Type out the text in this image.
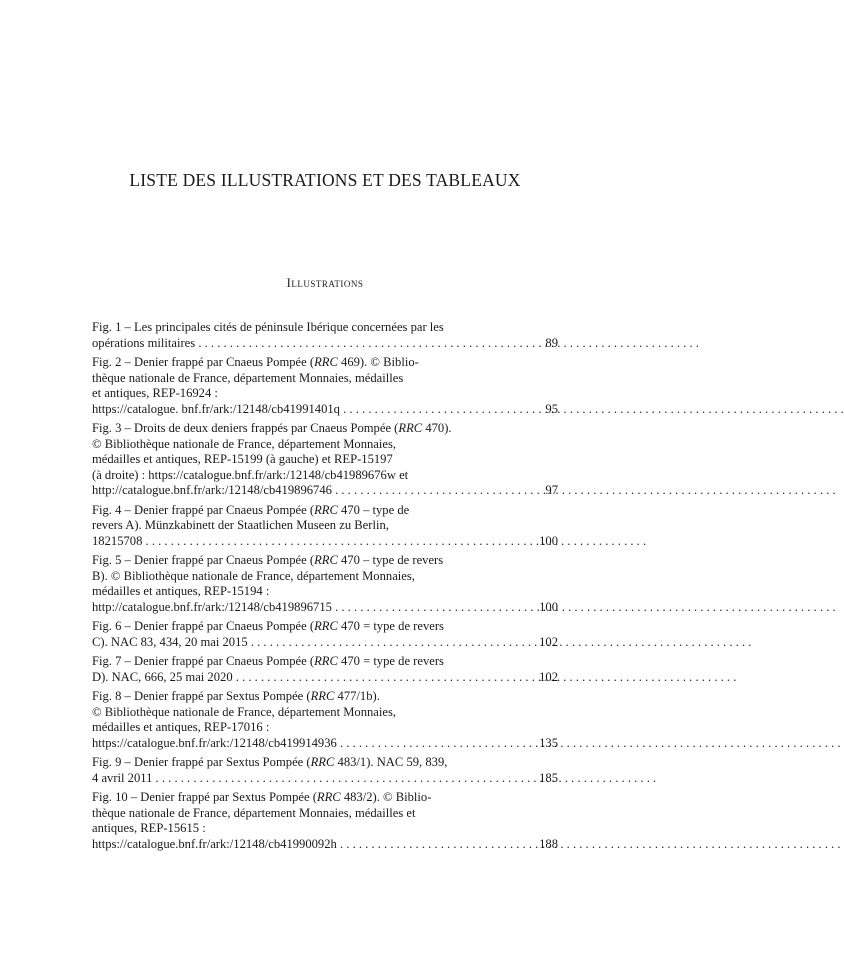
LISTE DES ILLUSTRATIONS ET DES TABLEAUX
Illustrations

Fig. 1 – Les principales cités de péninsule Ibérique concernées par les

opérations militaires . . .	89

Fig. 2 – Denier frappé par Cnaeus Pompée (RRC 469). © Biblio-

thèque nationale de France, département Monnaies, médailles

et antiques, REP-16924 :

https://catalogue. bnf.fr/ark:/12148/cb41991401q . . .	95

Fig. 3 – Droits de deux deniers frappés par Cnaeus Pompée (RRC 470).

© Bibliothèque nationale de France, département Monnaies,

médailles et antiques, REP-15199 (à gauche) et REP-15197

(à droite) : https://catalogue.bnf.fr/ark:/12148/cb41989676w et

http://catalogue.bnf.fr/ark:/12148/cb419896746 . . .	97

Fig. 4 – Denier frappé par Cnaeus Pompée (RRC 470 – type de

revers A). Münzkabinett der Staatlichen Museen zu Berlin,

18215708 . . .	100

Fig. 5 – Denier frappé par Cnaeus Pompée (RRC 470 – type de revers

B). © Bibliothèque nationale de France, département Monnaies,

médailles et antiques, REP-15194 :

http://catalogue.bnf.fr/ark:/12148/cb419896715 . . .	100

Fig. 6 – Denier frappé par Cnaeus Pompée (RRC 470 = type de revers

C). NAC 83, 434, 20 mai 2015 . . .	102

Fig. 7 – Denier frappé par Cnaeus Pompée (RRC 470 = type de revers

D). NAC, 666, 25 mai 2020 . . .	102

Fig. 8 – Denier frappé par Sextus Pompée (RRC 477/1b).

© Bibliothèque nationale de France, département Monnaies,

médailles et antiques, REP-17016 :

https://catalogue.bnf.fr/ark:/12148/cb419914936 . . .	135

Fig. 9 – Denier frappé par Sextus Pompée (RRC 483/1). NAC 59, 839,

4 avril 2011 . . .	185

Fig. 10 – Denier frappé par Sextus Pompée (RRC 483/2). © Biblio-

thèque nationale de France, département Monnaies, médailles et

antiques, REP-15615 :

https://catalogue.bnf.fr/ark:/12148/cb41990092h . . .	188
